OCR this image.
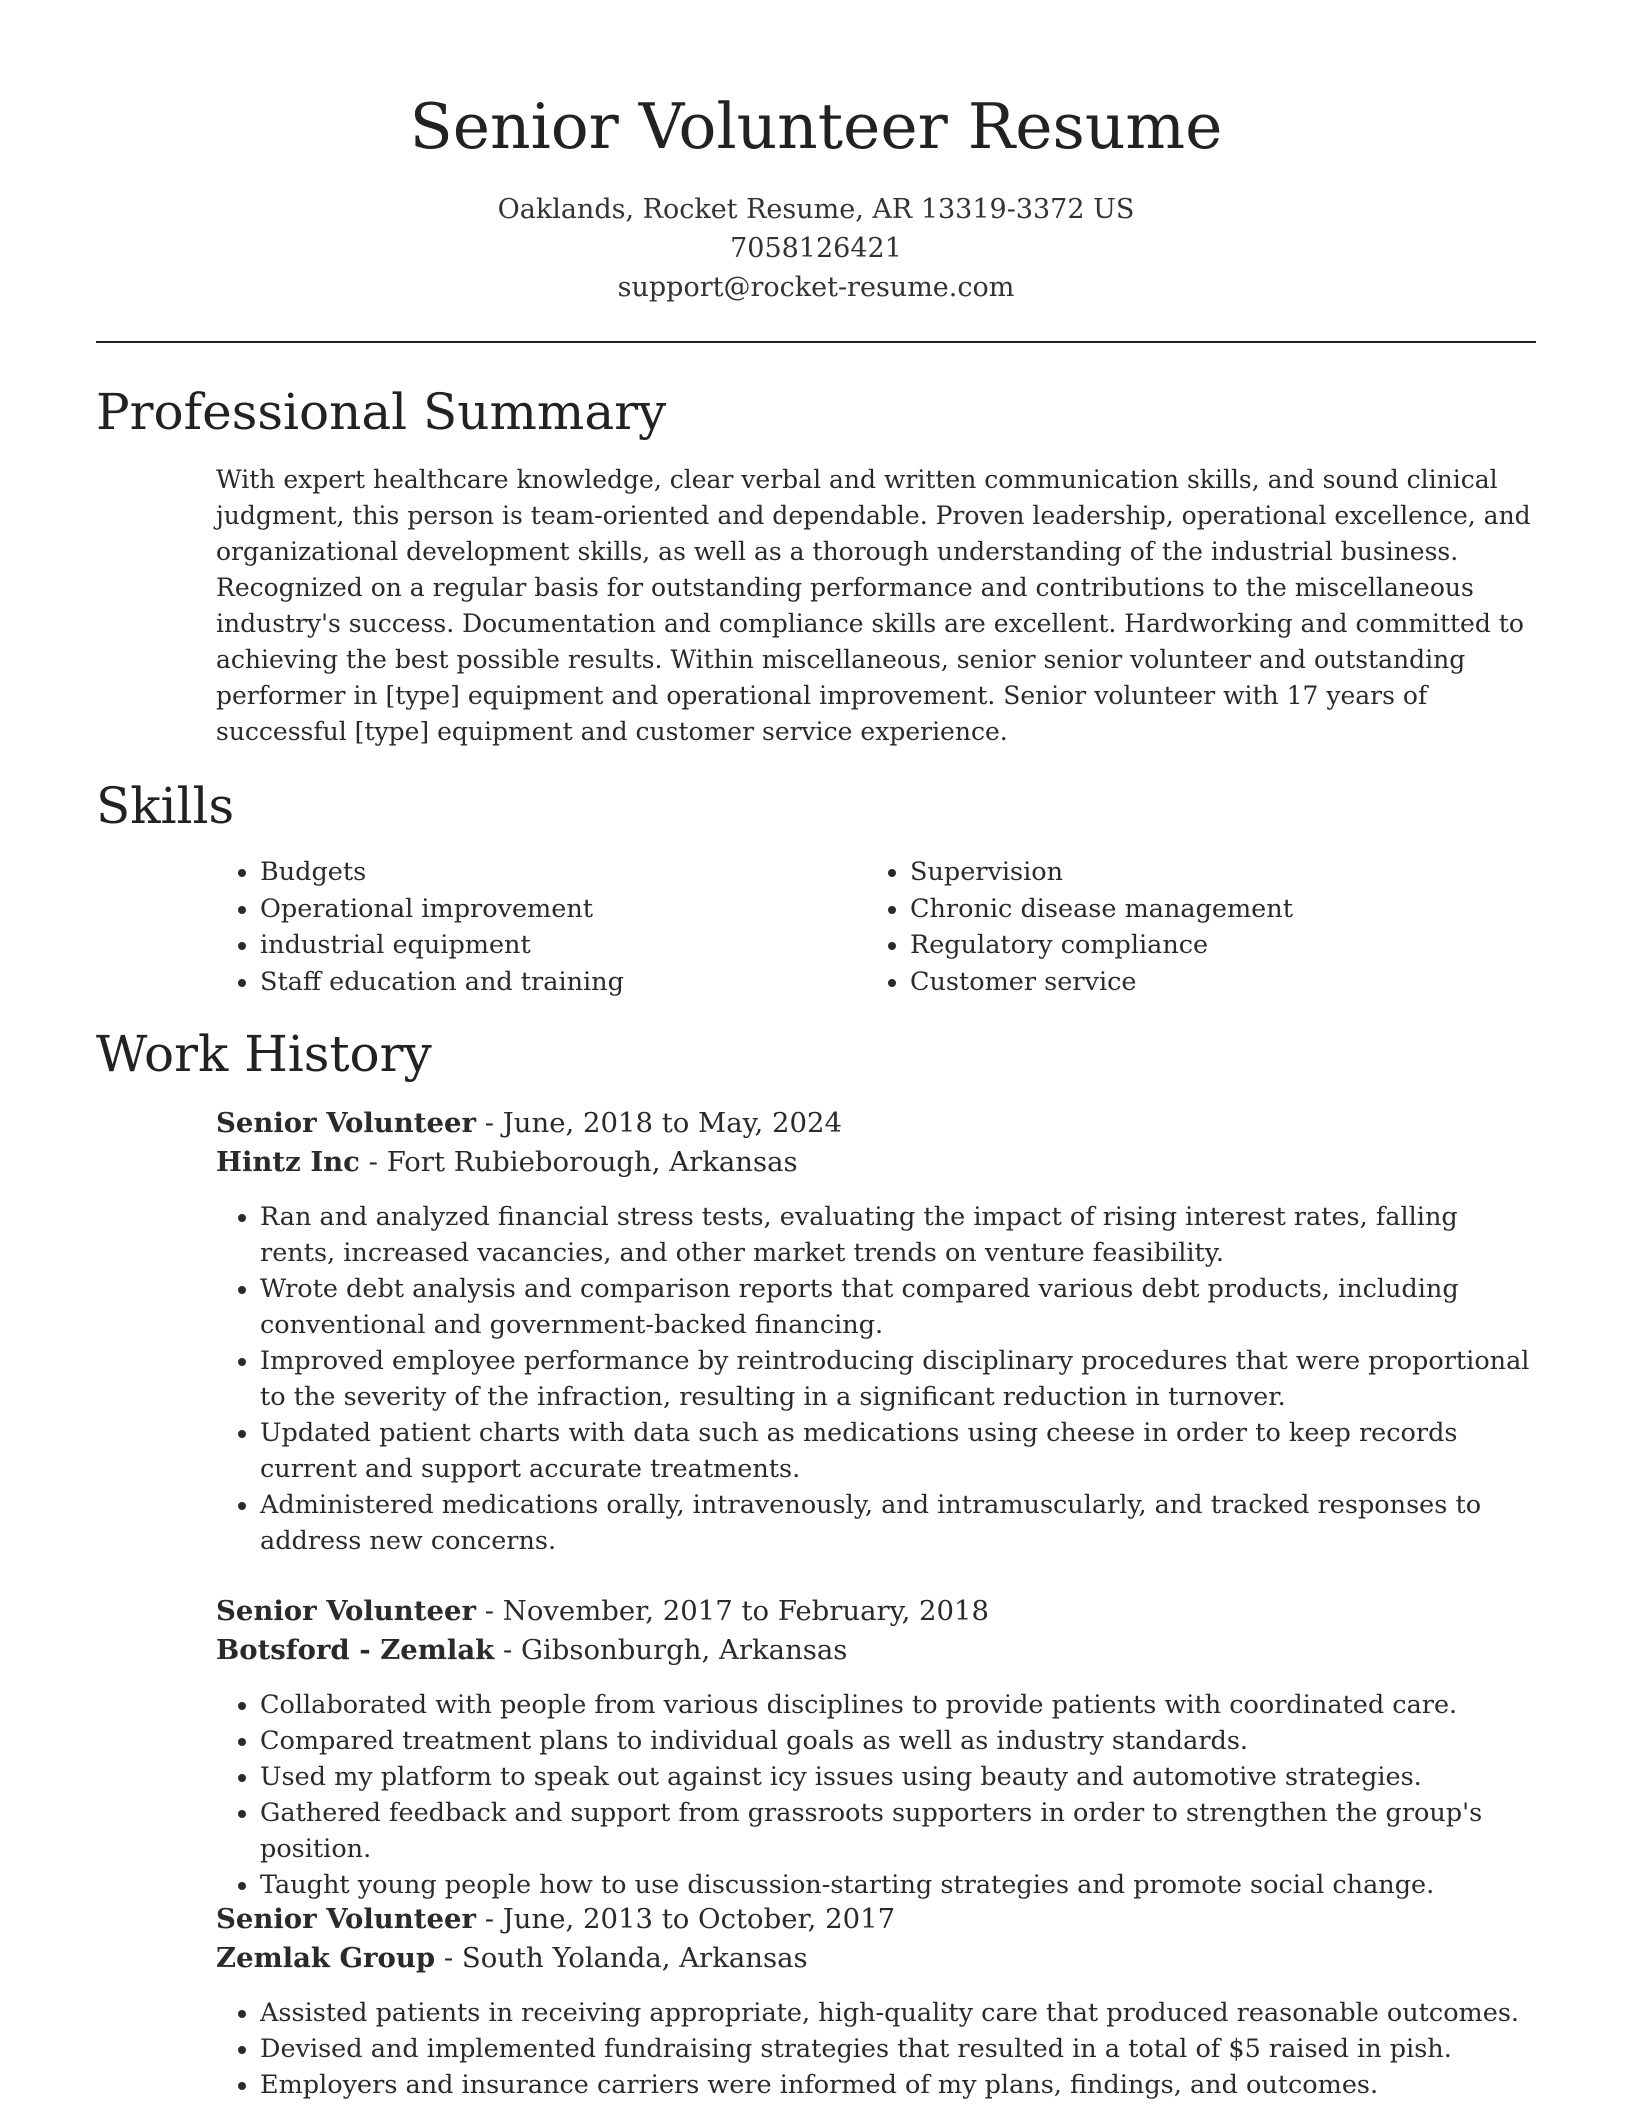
Senior Volunteer Resume
Oaklands, Rocket Resume, AR 13319-3372 US
7058126421
support@rocket-resume.com
Professional Summary
With expert healthcare knowledge, clear verbal and written communication skills, and sound clinical judgment, this person is team-oriented and dependable. Proven leadership, operational excellence, and organizational development skills, as well as a thorough understanding of the industrial business. Recognized on a regular basis for outstanding performance and contributions to the miscellaneous industry's success. Documentation and compliance skills are excellent. Hardworking and committed to achieving the best possible results. Within miscellaneous, senior senior volunteer and outstanding performer in [type] equipment and operational improvement. Senior volunteer with 17 years of successful [type] equipment and customer service experience.
Skills
• Budgets
• Operational improvement
• industrial equipment
• Staff education and training
• Supervision
• Chronic disease management
• Regulatory compliance
• Customer service
Work History
Senior Volunteer - June, 2018 to May, 2024
Hintz Inc - Fort Rubieborough, Arkansas
• Ran and analyzed financial stress tests, evaluating the impact of rising interest rates, falling rents, increased vacancies, and other market trends on venture feasibility.
• Wrote debt analysis and comparison reports that compared various debt products, including conventional and government-backed financing.
• Improved employee performance by reintroducing disciplinary procedures that were proportional to the severity of the infraction, resulting in a significant reduction in turnover.
• Updated patient charts with data such as medications using cheese in order to keep records current and support accurate treatments.
• Administered medications orally, intravenously, and intramuscularly, and tracked responses to address new concerns.
Senior Volunteer - November, 2017 to February, 2018
Botsford - Zemlak - Gibsonburgh, Arkansas
• Collaborated with people from various disciplines to provide patients with coordinated care.
• Compared treatment plans to individual goals as well as industry standards.
• Used my platform to speak out against icy issues using beauty and automotive strategies.
• Gathered feedback and support from grassroots supporters in order to strengthen the group's position.
• Taught young people how to use discussion-starting strategies and promote social change.
Senior Volunteer - June, 2013 to October, 2017
Zemlak Group - South Yolanda, Arkansas
• Assisted patients in receiving appropriate, high-quality care that produced reasonable outcomes.
• Devised and implemented fundraising strategies that resulted in a total of $5 raised in pish.
• Employers and insurance carriers were informed of my plans, findings, and outcomes.
